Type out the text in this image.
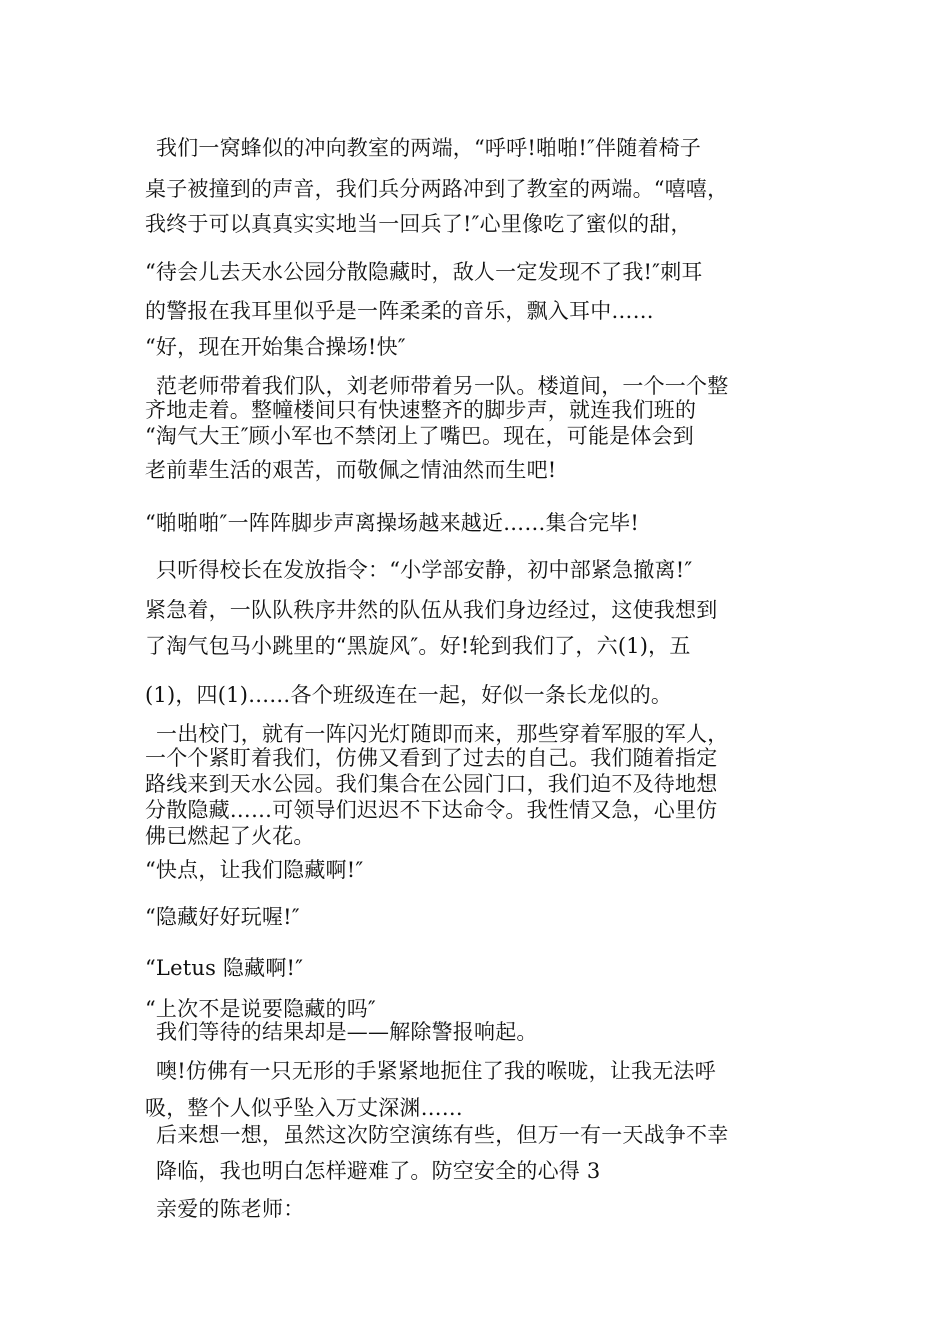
我们一窝蜂似的冲向教室的两端，“呼呼!啪啪!″伴随着椅子
桌子被撞到的声音，我们兵分两路冲到了教室的两端。“嘻嘻，
我终于可以真真实实地当一回兵了!″心里像吃了蜜似的甜，
“待会儿去天水公园分散隐藏时，敌人一定发现不了我!″刺耳
的警报在我耳里似乎是一阵柔柔的音乐，飘入耳中……
“好，现在开始集合操场!快″
范老师带着我们队，刘老师带着另一队。楼道间，一个一个整
齐地走着。整幢楼间只有快速整齐的脚步声，就连我们班的
“淘气大王″顾小军也不禁闭上了嘴巴。现在，可能是体会到
老前辈生活的艰苦，而敬佩之情油然而生吧!
“啪啪啪″一阵阵脚步声离操场越来越近……集合完毕!
只听得校长在发放指令：“小学部安静，初中部紧急撤离!″
紧急着，一队队秩序井然的队伍从我们身边经过，这使我想到
了淘气包马小跳里的“黑旋风″。好!轮到我们了，六(1)，五
(1)，四(1)……各个班级连在一起，好似一条长龙似的。
一出校门，就有一阵闪光灯随即而来，那些穿着军服的军人，
一个个紧盯着我们，仿佛又看到了过去的自己。我们随着指定
路线来到天水公园。我们集合在公园门口，我们迫不及待地想
分散隐藏……可领导们迟迟不下达命令。我性情又急，心里仿
佛已燃起了火花。
“快点，让我们隐藏啊!″
“隐藏好好玩喔!″
“Letus 隐藏啊!″
“上次不是说要隐藏的吗″
我们等待的结果却是——解除警报响起。
噢!仿佛有一只无形的手紧紧地扼住了我的喉咙，让我无法呼
吸，整个人似乎坠入万丈深渊……
后来想一想，虽然这次防空演练有些，但万一有一天战争不幸
降临，我也明白怎样避难了。防空安全的心得 3
亲爱的陈老师：
